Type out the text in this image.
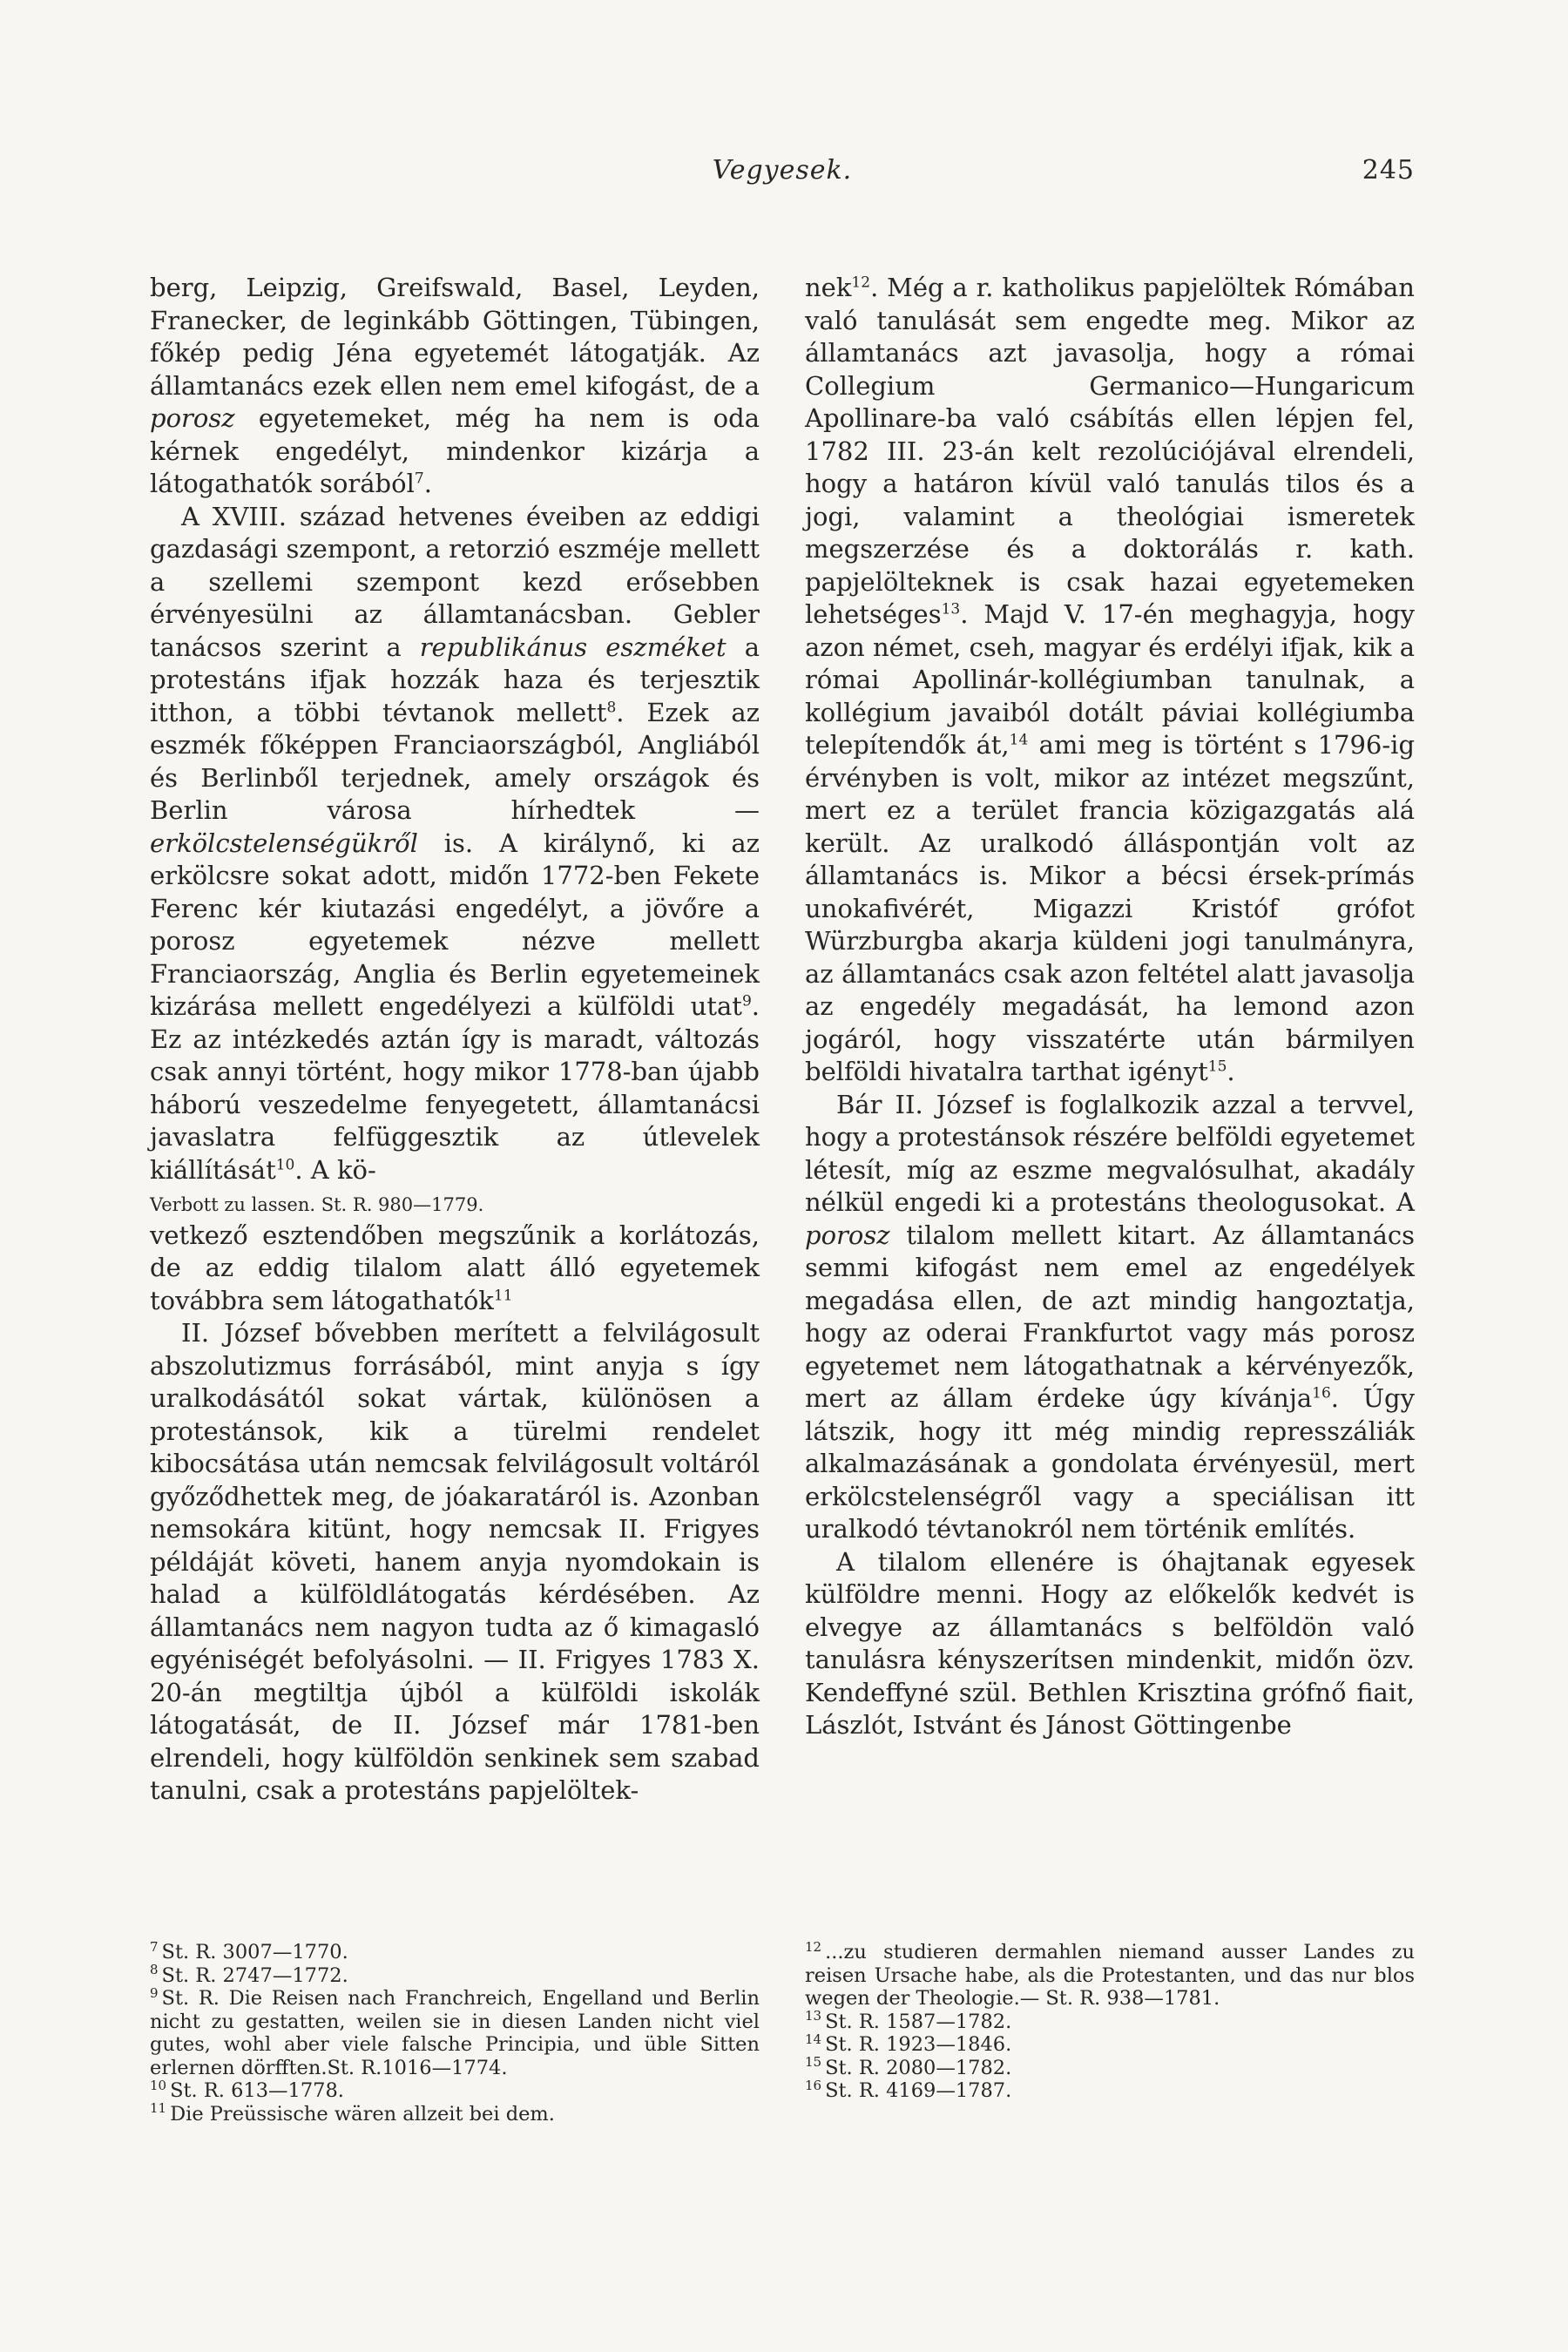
Vegyesek.	245

berg, Leipzig, Greifswald, Basel, Leyden, Franecker, de leginkább Göttingen, Tübingen, főkép pedig Jéna egyetemét látogatják. Az államtanács ezek ellen nem emel kifogást, de a porosz egyetemeket, még ha nem is oda kérnek engedélyt, mindenkor kizárja a látogathatók sorából$^7$.

A XVIII. század hetvenes éveiben az eddigi gazdasági szempont, a retorzió eszméje mellett a szellemi szempont kezd erősebben érvényesülni az államtanácsban. Gebler tanácsos szerint a republikánus eszméket a protestáns ifjak hozzák haza és terjesztik itthon, a többi tévtanok mellett$^8$. Ezek az eszmék főképpen Franciaországból, Angliából és Berlinből terjednek, amely országok és Berlin városa hírhedtek — erkölcstelenségükről is. A királynő, ki az erkölcsre sokat adott, midőn 1772-ben Fekete Ferenc kér kiutazási engedélyt, a jövőre a porosz egyetemek nézve mellett Franciaország, Anglia és Berlin egyetemeinek kizárása mellett engedélyezi a külföldi utat$^9$. Ez az intézkedés aztán így is maradt, változás csak annyi történt, hogy mikor 1778-ban újabb háború veszedelme fenyegetett, államtanácsi javaslatra felfüggesztik az útlevelek kiállítását$^{10}$. A kö-
Verbott zu lassen. St. R. 980—1779.
vetkező esztendőben megszűnik a korlátozás, de az eddig tilalom alatt álló egyetemek továbbra sem látogathatók$^{11}$

II. József bővebben merített a felvilágosult abszolutizmus forrásából, mint anyja s így uralkodásától sokat vártak, különösen a protestánsok, kik a türelmi rendelet kibocsátása után nemcsak felvilágosult voltáról győződhettek meg, de jóakaratáról is. Azonban nemsokára kitünt, hogy nemcsak II. Frigyes példáját követi, hanem anyja nyomdokain is halad a külföldlátogatás kérdésében. Az államtanács nem nagyon tudta az ő kimagasló egyéniségét befolyásolni. — II. Frigyes 1783 X. 20-án megtiltja újból a külföldi iskolák látogatását, de II. József már 1781-ben elrendeli, hogy külföldön senkinek sem szabad tanulni, csak a protestáns papjelöltek-

nek$^{12}$. Még a r. katholikus papjelöltek Rómában való tanulását sem engedte meg. Mikor az államtanács azt javasolja, hogy a római Collegium Germanico—Hungaricum Apollinare-ba való csábítás ellen lépjen fel, 1782 III. 23-án kelt rezolúciójával elrendeli, hogy a határon kívül való tanulás tilos és a jogi, valamint a theológiai ismeretek megszerzése és a doktorálás r. kath. papjelölteknek is csak hazai egyetemeken lehetséges$^{13}$. Majd V. 17-én meghagyja, hogy azon német, cseh, magyar és erdélyi ifjak, kik a római Apollinár-kollégiumban tanulnak, a kollégium javaiból dotált páviai kollégiumba telepítendők át,$^{14}$ ami meg is történt s 1796-ig érvényben is volt, mikor az intézet megszűnt, mert ez a terület francia közigazgatás alá került. Az uralkodó álláspontján volt az államtanács is. Mikor a bécsi érsek-prímás unokafivérét, Migazzi Kristóf grófot Würzburgba akarja küldeni jogi tanulmányra, az államtanács csak azon feltétel alatt javasolja az engedély megadását, ha lemond azon jogáról, hogy visszatérte után bármilyen belföldi hivatalra tarthat igényt$^{15}$.

Bár II. József is foglalkozik azzal a tervvel, hogy a protestánsok részére belföldi egyetemet létesít, míg az eszme megvalósulhat, akadály nélkül engedi ki a protestáns theologusokat. A porosz tilalom mellett kitart. Az államtanács semmi kifogást nem emel az engedélyek megadása ellen, de azt mindig hangoztatja, hogy az oderai Frankfurtot vagy más porosz egyetemet nem látogathatnak a kérvényezők, mert az állam érdeke úgy kívánja$^{16}$. Úgy látszik, hogy itt még mindig represszáliák alkalmazásának a gondolata érvényesül, mert erkölcstelenségről vagy a speciálisan itt uralkodó tévtanokról nem történik említés.

A tilalom ellenére is óhajtanak egyesek külföldre menni. Hogy az előkelők kedvét is elvegye az államtanács s belföldön való tanulásra kényszerítsen mindenkit, midőn özv. Kendeffyné szül. Bethlen Krisztina grófnő fiait, Lászlót, Istvánt és Jánost Göttingenbe

$^7$ St. R. 3007—1770.

$^8$ St. R. 2747—1772.

$^9$ St. R. Die Reisen nach Franchreich, Engelland und Berlin nicht zu gestatten, weilen sie in diesen Landen nicht viel gutes, wohl aber viele falsche Principia, und üble Sitten erlernen dörfften.St. R.1016—1774.

$^{10}$ St. R. 613—1778.

$^{11}$ Die Preüssische wären allzeit bei dem.

$^{12}$ ...zu studieren dermahlen niemand ausser Landes zu reisen Ursache habe, als die Protestanten, und das nur blos wegen der Theologie.— St. R. 938—1781.

$^{13}$ St. R. 1587—1782.

$^{14}$ St. R. 1923—1846.

$^{15}$ St. R. 2080—1782.

$^{16}$ St. R. 4169—1787.
